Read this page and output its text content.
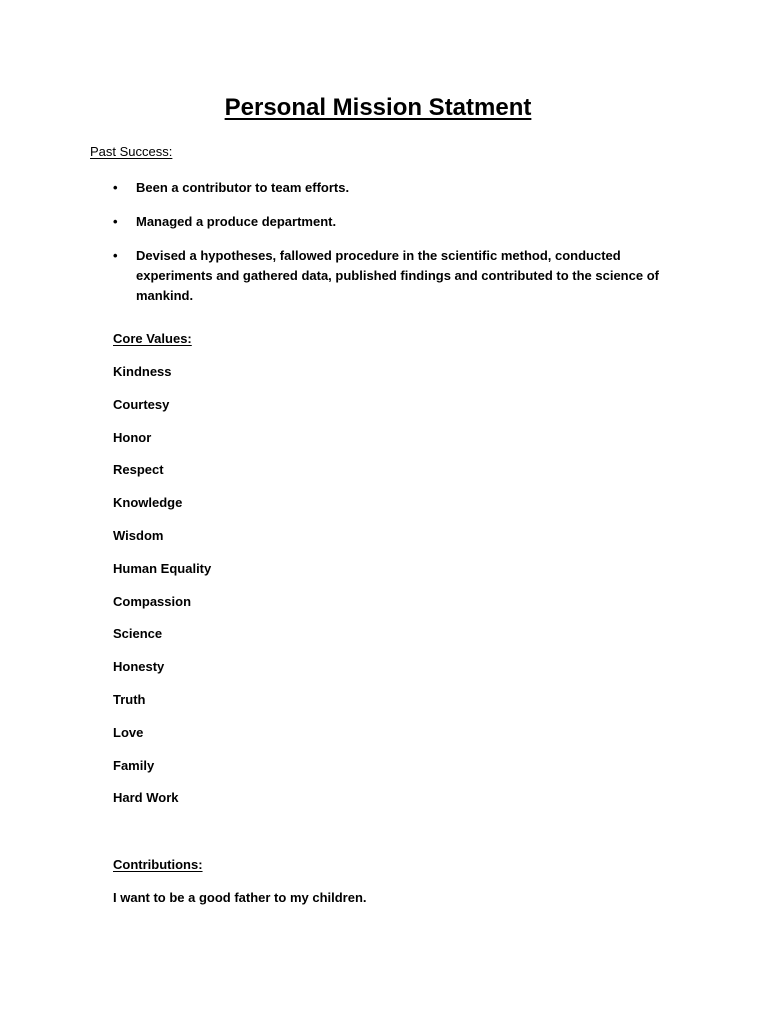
Personal Mission Statment

Past Success:

• Been a contributor to team efforts.
• Managed a produce department.
• Devised a hypotheses, fallowed procedure in the scientific method, conducted experiments and gathered data, published findings and contributed to the science of mankind.

Core Values:

Kindness
Courtesy
Honor
Respect
Knowledge
Wisdom
Human Equality
Compassion
Science
Honesty
Truth
Love
Family
Hard Work

Contributions:

I want to be a good father to my children.
